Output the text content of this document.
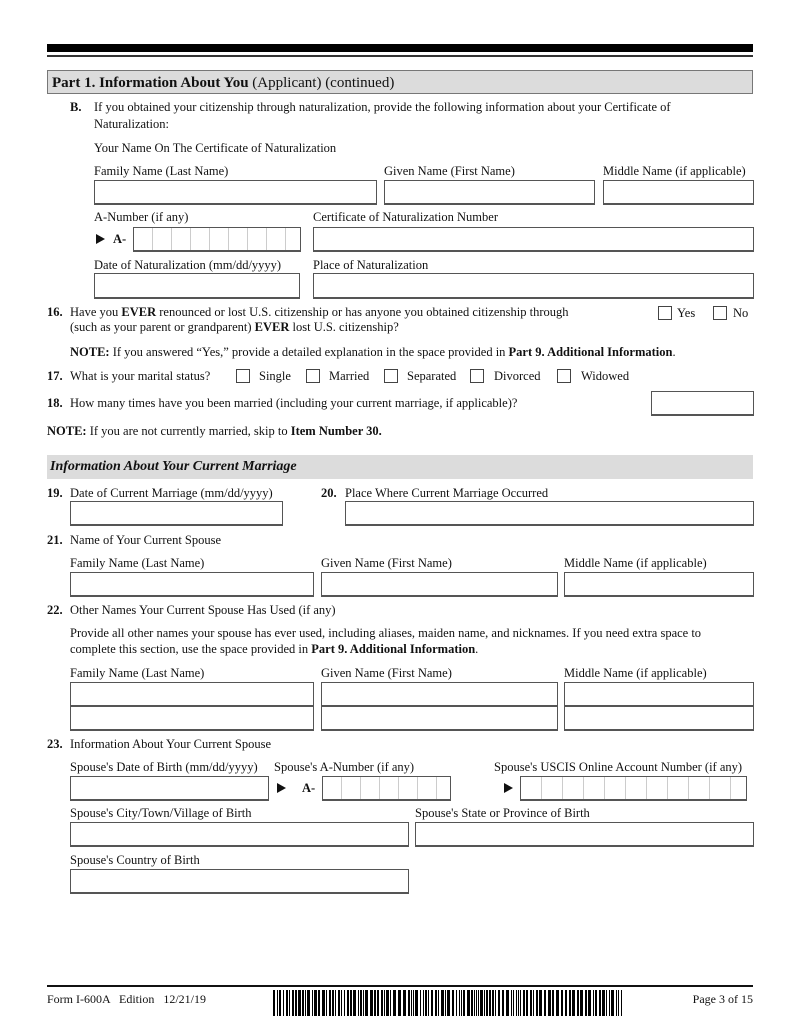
Part 1. Information About You (Applicant) (continued)
B. If you obtained your citizenship through naturalization, provide the following information about your Certificate of
Naturalization:
Your Name On The Certificate of Naturalization
Family Name (Last Name)	Given Name (First Name)	Middle Name (if applicable)
A-Number (if any)	Certificate of Naturalization Number
A-
Date of Naturalization (mm/dd/yyyy)	Place of Naturalization
16. Have you EVER renounced or lost U.S. citizenship or has anyone you obtained citizenship through
(such as your parent or grandparent) EVER lost U.S. citizenship?
Yes	No
NOTE: If you answered “Yes,” provide a detailed explanation in the space provided in Part 9. Additional Information.
17. What is your marital status?	Single	Married	Separated	Divorced	Widowed
18. How many times have you been married (including your current marriage, if applicable)?
NOTE: If you are not currently married, skip to Item Number 30.
Information About Your Current Marriage
19. Date of Current Marriage (mm/dd/yyyy)	20. Place Where Current Marriage Occurred
21. Name of Your Current Spouse
Family Name (Last Name)	Given Name (First Name)	Middle Name (if applicable)
22. Other Names Your Current Spouse Has Used (if any)
Provide all other names your spouse has ever used, including aliases, maiden name, and nicknames. If you need extra space to
complete this section, use the space provided in Part 9. Additional Information.
Family Name (Last Name)	Given Name (First Name)	Middle Name (if applicable)
23. Information About Your Current Spouse
Spouse's Date of Birth (mm/dd/yyyy) Spouse's A-Number (if any)	Spouse's USCIS Online Account Number (if any)
A-
Spouse's City/Town/Village of Birth	Spouse's State or Province of Birth
Spouse's Country of Birth
Form I-600A   Edition   12/21/19	Page 3 of 15
